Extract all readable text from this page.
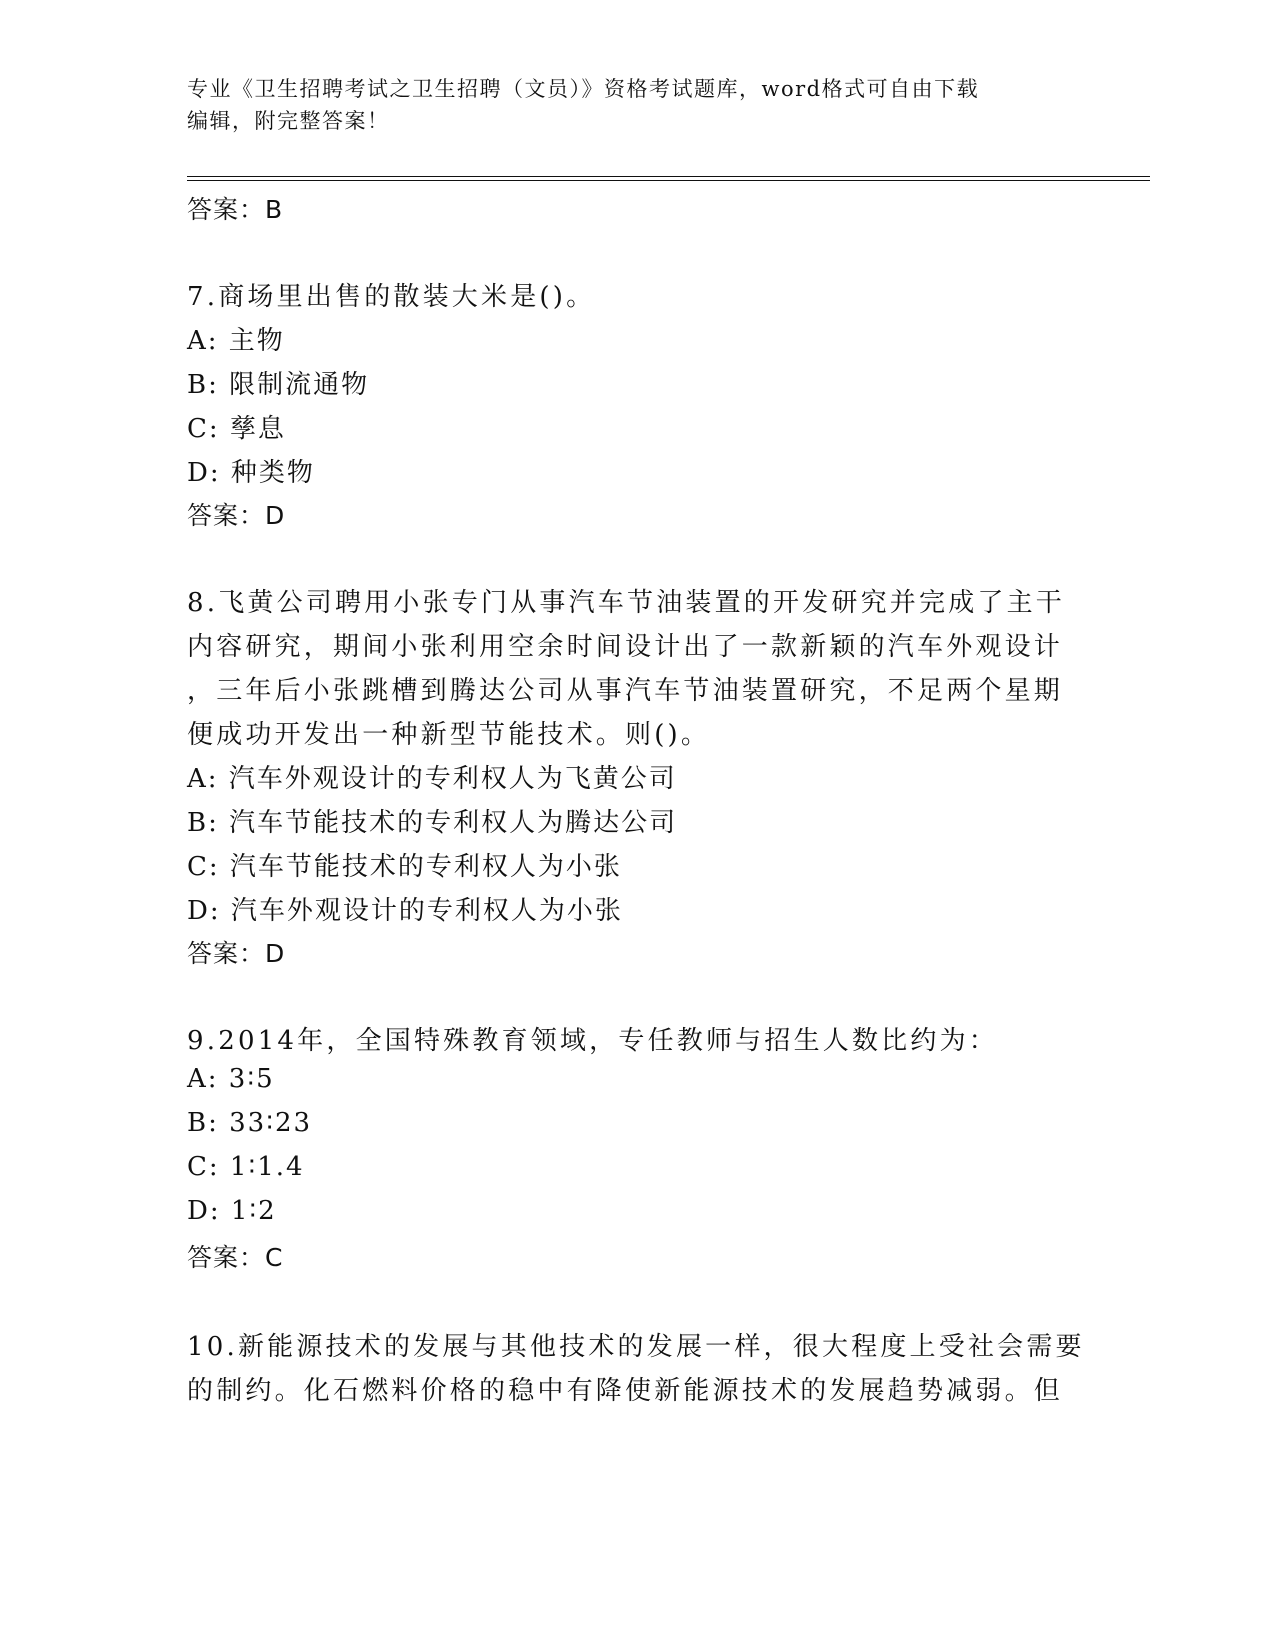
专业《卫生招聘考试之卫生招聘（文员）》资格考试题库，word格式可自由下载
编辑，附完整答案！
答案：B
7.商场里出售的散装大米是()。
A: 主物
B: 限制流通物
C: 孳息
D: 种类物
答案：D
8.飞黄公司聘用小张专门从事汽车节油装置的开发研究并完成了主干
内容研究，期间小张利用空余时间设计出了一款新颖的汽车外观设计
，三年后小张跳槽到腾达公司从事汽车节油装置研究，不足两个星期
便成功开发出一种新型节能技术。则()。
A: 汽车外观设计的专利权人为飞黄公司
B: 汽车节能技术的专利权人为腾达公司
C: 汽车节能技术的专利权人为小张
D: 汽车外观设计的专利权人为小张
答案：D
9.2014年，全国特殊教育领域，专任教师与招生人数比约为：
A: 3∶5
B: 33∶23
C: 1∶1.4
D: 1∶2
答案：C
10.新能源技术的发展与其他技术的发展一样，很大程度上受社会需要
的制约。化石燃料价格的稳中有降使新能源技术的发展趋势减弱。但
